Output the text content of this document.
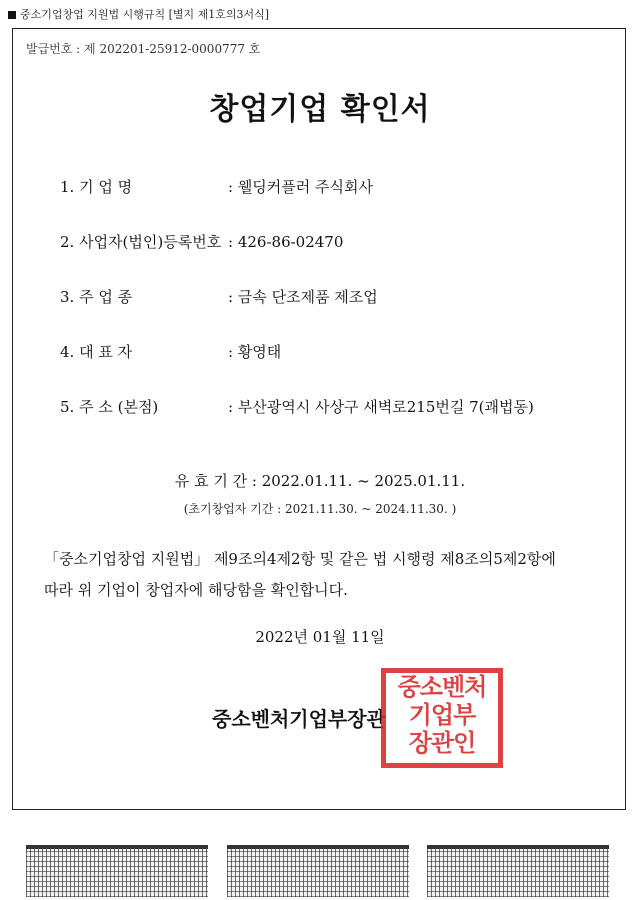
중소기업창업 지원법 시행규칙 [별지 제1호의3서식]
발급번호 : 제 202201-25912-0000777 호
창업기업 확인서
1. 기 업 명	: 웰딩커플러 주식회사
2. 사업자(법인)등록번호 : 426-86-02470
3. 주 업 종	: 금속 단조제품 제조업
4. 대 표 자	: 황영태
5. 주 소 (본점)	: 부산광역시 사상구 새벽로215번길 7(괘법동)
유 효 기 간 : 2022.01.11. ~ 2025.01.11.
(초기창업자 기간 : 2021.11.30. ~ 2024.11.30. )
「중소기업창업 지원법」 제9조의4제2항 및 같은 법 시행령 제8조의5제2항에
따라 위 기업이 창업자에 해당함을 확인합니다.
2022년 01월 11일
중소벤처기업부장관
중소벤처
기업부
장관인
